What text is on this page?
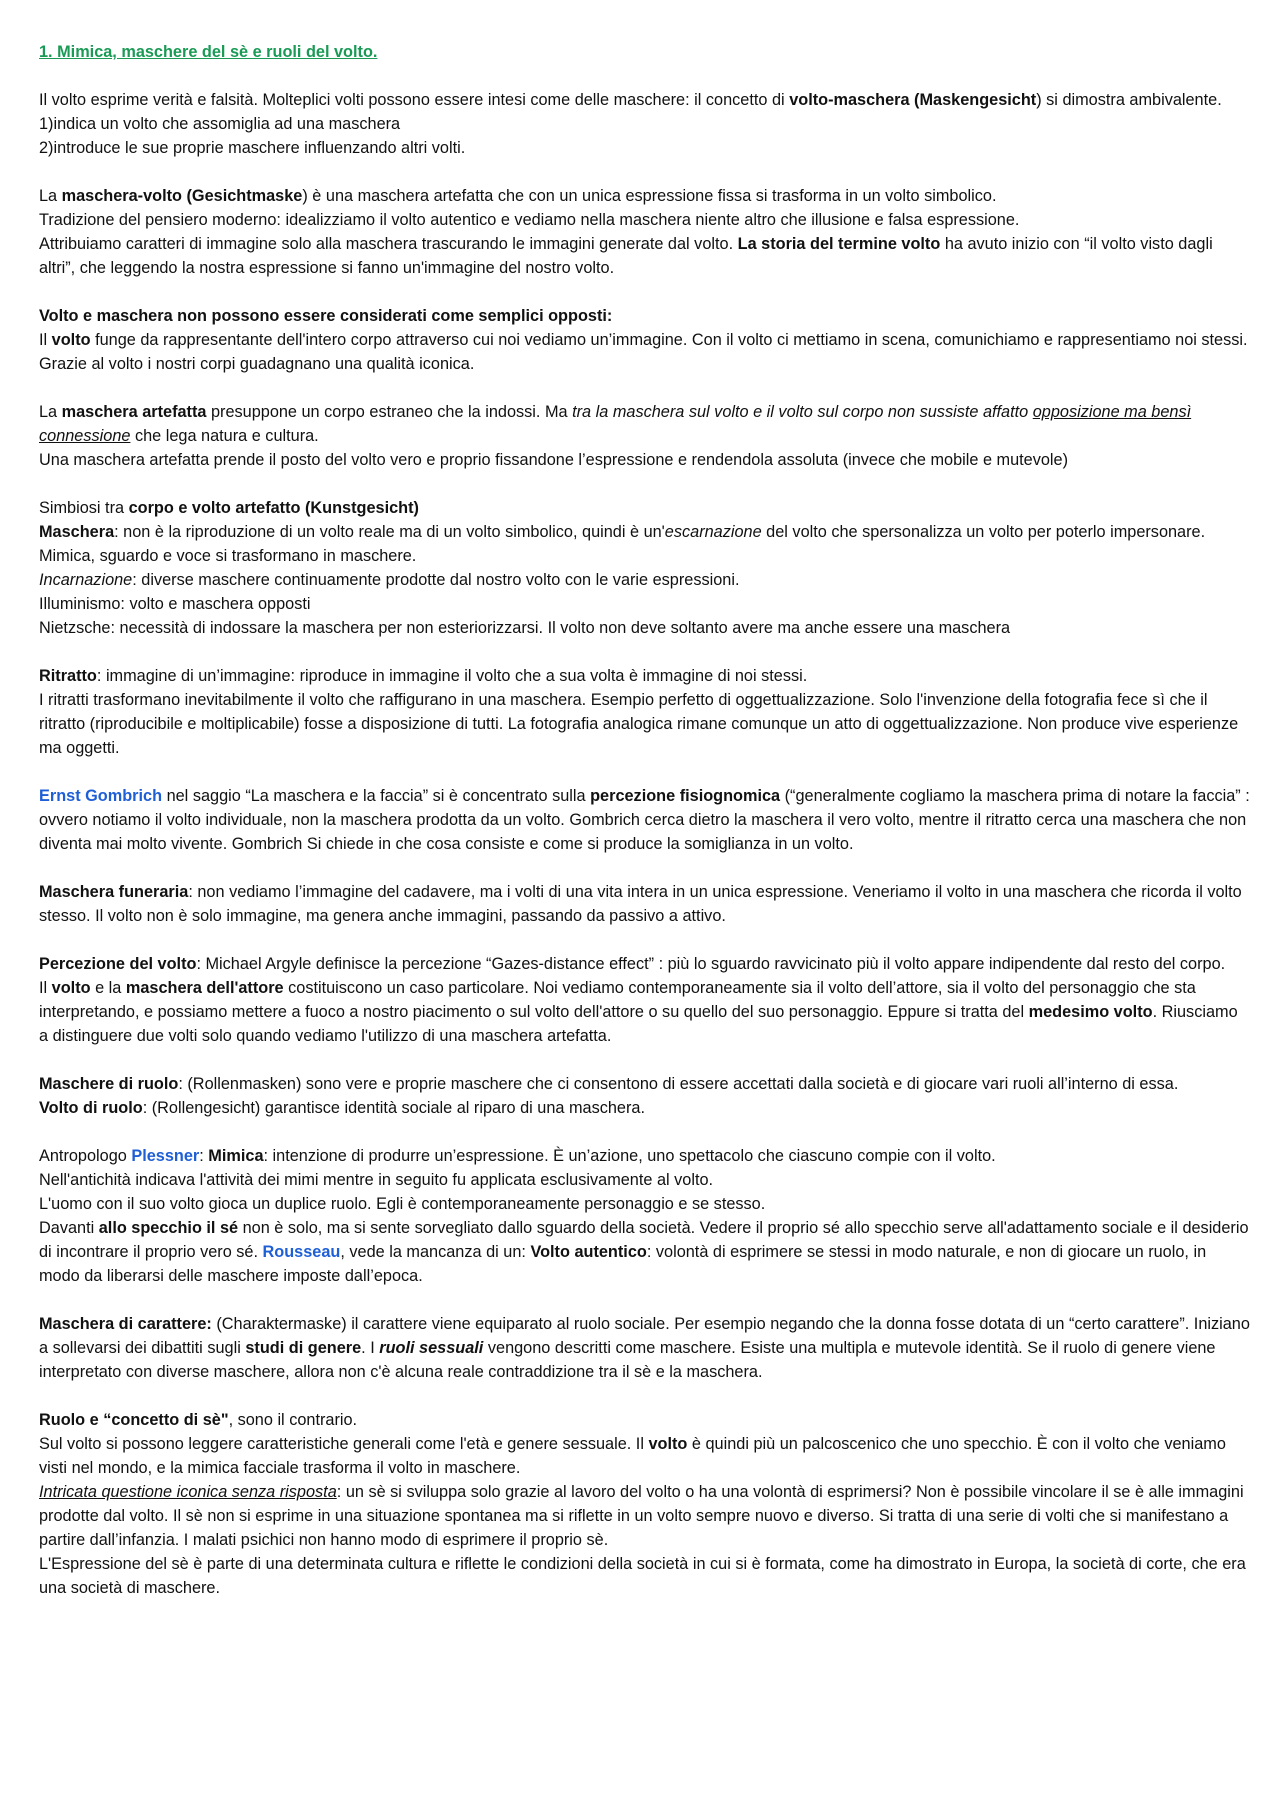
1. Mimica, maschere del sè e ruoli del volto.

Il volto esprime verità e falsità. Molteplici volti possono essere intesi come delle maschere: il concetto di volto-maschera (Maskengesicht) si dimostra ambivalente.
1)indica un volto che assomiglia ad una maschera
2)introduce le sue proprie maschere influenzando altri volti.

La maschera-volto (Gesichtmaske) è una maschera artefatta che con un unica espressione fissa si trasforma in un volto simbolico.
Tradizione del pensiero moderno: idealizziamo il volto autentico e vediamo nella maschera niente altro che illusione e falsa espressione.
Attribuiamo caratteri di immagine solo alla maschera trascurando le immagini generate dal volto. La storia del termine volto ha avuto inizio con “il volto visto dagli altri”, che leggendo la nostra espressione si fanno un'immagine del nostro volto.

Volto e maschera non possono essere considerati come semplici opposti:
Il volto funge da rappresentante dell'intero corpo attraverso cui noi vediamo un’immagine. Con il volto ci mettiamo in scena, comunichiamo e rappresentiamo noi stessi. Grazie al volto i nostri corpi guadagnano una qualità iconica.

La maschera artefatta presuppone un corpo estraneo che la indossi. Ma tra la maschera sul volto e il volto sul corpo non sussiste affatto opposizione ma bensì connessione che lega natura e cultura.
Una maschera artefatta prende il posto del volto vero e proprio fissandone l’espressione e rendendola assoluta (invece che mobile e mutevole)

Simbiosi tra corpo e volto artefatto (Kunstgesicht)
Maschera: non è la riproduzione di un volto reale ma di un volto simbolico, quindi è un'escarnazione del volto che spersonalizza un volto per poterlo impersonare. Mimica, sguardo e voce si trasformano in maschere.
Incarnazione: diverse maschere continuamente prodotte dal nostro volto con le varie espressioni.
Illuminismo: volto e maschera opposti
Nietzsche: necessità di indossare la maschera per non esteriorizzarsi. Il volto non deve soltanto avere ma anche essere una maschera

Ritratto: immagine di un’immagine: riproduce in immagine il volto che a sua volta è immagine di noi stessi.
I ritratti trasformano inevitabilmente il volto che raffigurano in una maschera. Esempio perfetto di oggettualizzazione. Solo l'invenzione della fotografia fece sì che il ritratto (riproducibile e moltiplicabile) fosse a disposizione di tutti. La fotografia analogica rimane comunque un atto di oggettualizzazione. Non produce vive esperienze ma oggetti.

Ernst Gombrich nel saggio “La maschera e la faccia” si è concentrato sulla percezione fisiognomica (“generalmente cogliamo la maschera prima di notare la faccia” : ovvero notiamo il volto individuale, non la maschera prodotta da un volto. Gombrich cerca dietro la maschera il vero volto, mentre il ritratto cerca una maschera che non diventa mai molto vivente. Gombrich Si chiede in che cosa consiste e come si produce la somiglianza in un volto.

Maschera funeraria: non vediamo l’immagine del cadavere, ma i volti di una vita intera in un unica espressione. Veneriamo il volto in una maschera che ricorda il volto stesso. Il volto non è solo immagine, ma genera anche immagini, passando da passivo a attivo.

Percezione del volto: Michael Argyle definisce la percezione “Gazes-distance effect” : più lo sguardo ravvicinato più il volto appare indipendente dal resto del corpo.
Il volto e la maschera dell'attore costituiscono un caso particolare. Noi vediamo contemporaneamente sia il volto dell’attore, sia il volto del personaggio che sta interpretando, e possiamo mettere a fuoco a nostro piacimento o sul volto dell'attore o su quello del suo personaggio. Eppure si tratta del medesimo volto. Riusciamo a distinguere due volti solo quando vediamo l'utilizzo di una maschera artefatta.

Maschere di ruolo: (Rollenmasken) sono vere e proprie maschere che ci consentono di essere accettati dalla società e di giocare vari ruoli all’interno di essa.
Volto di ruolo: (Rollengesicht) garantisce identità sociale al riparo di una maschera.

Antropologo Plessner: Mimica: intenzione di produrre un’espressione. È un’azione, uno spettacolo che ciascuno compie con il volto.
Nell'antichità indicava l'attività dei mimi mentre in seguito fu applicata esclusivamente al volto.
L'uomo con il suo volto gioca un duplice ruolo. Egli è contemporaneamente personaggio e se stesso.
Davanti allo specchio il sé non è solo, ma si sente sorvegliato dallo sguardo della società. Vedere il proprio sé allo specchio serve all'adattamento sociale e il desiderio di incontrare il proprio vero sé. Rousseau, vede la mancanza di un: Volto autentico: volontà di esprimere se stessi in modo naturale, e non di giocare un ruolo, in modo da liberarsi delle maschere imposte dall’epoca.

Maschera di carattere: (Charaktermaske) il carattere viene equiparato al ruolo sociale. Per esempio negando che la donna fosse dotata di un “certo carattere”. Iniziano a sollevarsi dei dibattiti sugli studi di genere. I ruoli sessuali vengono descritti come maschere. Esiste una multipla e mutevole identità. Se il ruolo di genere viene interpretato con diverse maschere, allora non c'è alcuna reale contraddizione tra il sè e la maschera.

Ruolo e “concetto di sè", sono il contrario.
Sul volto si possono leggere caratteristiche generali come l'età e genere sessuale. Il volto è quindi più un palcoscenico che uno specchio. È con il volto che veniamo visti nel mondo, e la mimica facciale trasforma il volto in maschere.
Intricata questione iconica senza risposta: un sè si sviluppa solo grazie al lavoro del volto o ha una volontà di esprimersi? Non è possibile vincolare il se è alle immagini prodotte dal volto. Il sè non si esprime in una situazione spontanea ma si riflette in un volto sempre nuovo e diverso. Si tratta di una serie di volti che si manifestano a partire dall’infanzia. I malati psichici non hanno modo di esprimere il proprio sè.
L'Espressione del sè è parte di una determinata cultura e riflette le condizioni della società in cui si è formata, come ha dimostrato in Europa, la società di corte, che era una società di maschere.
